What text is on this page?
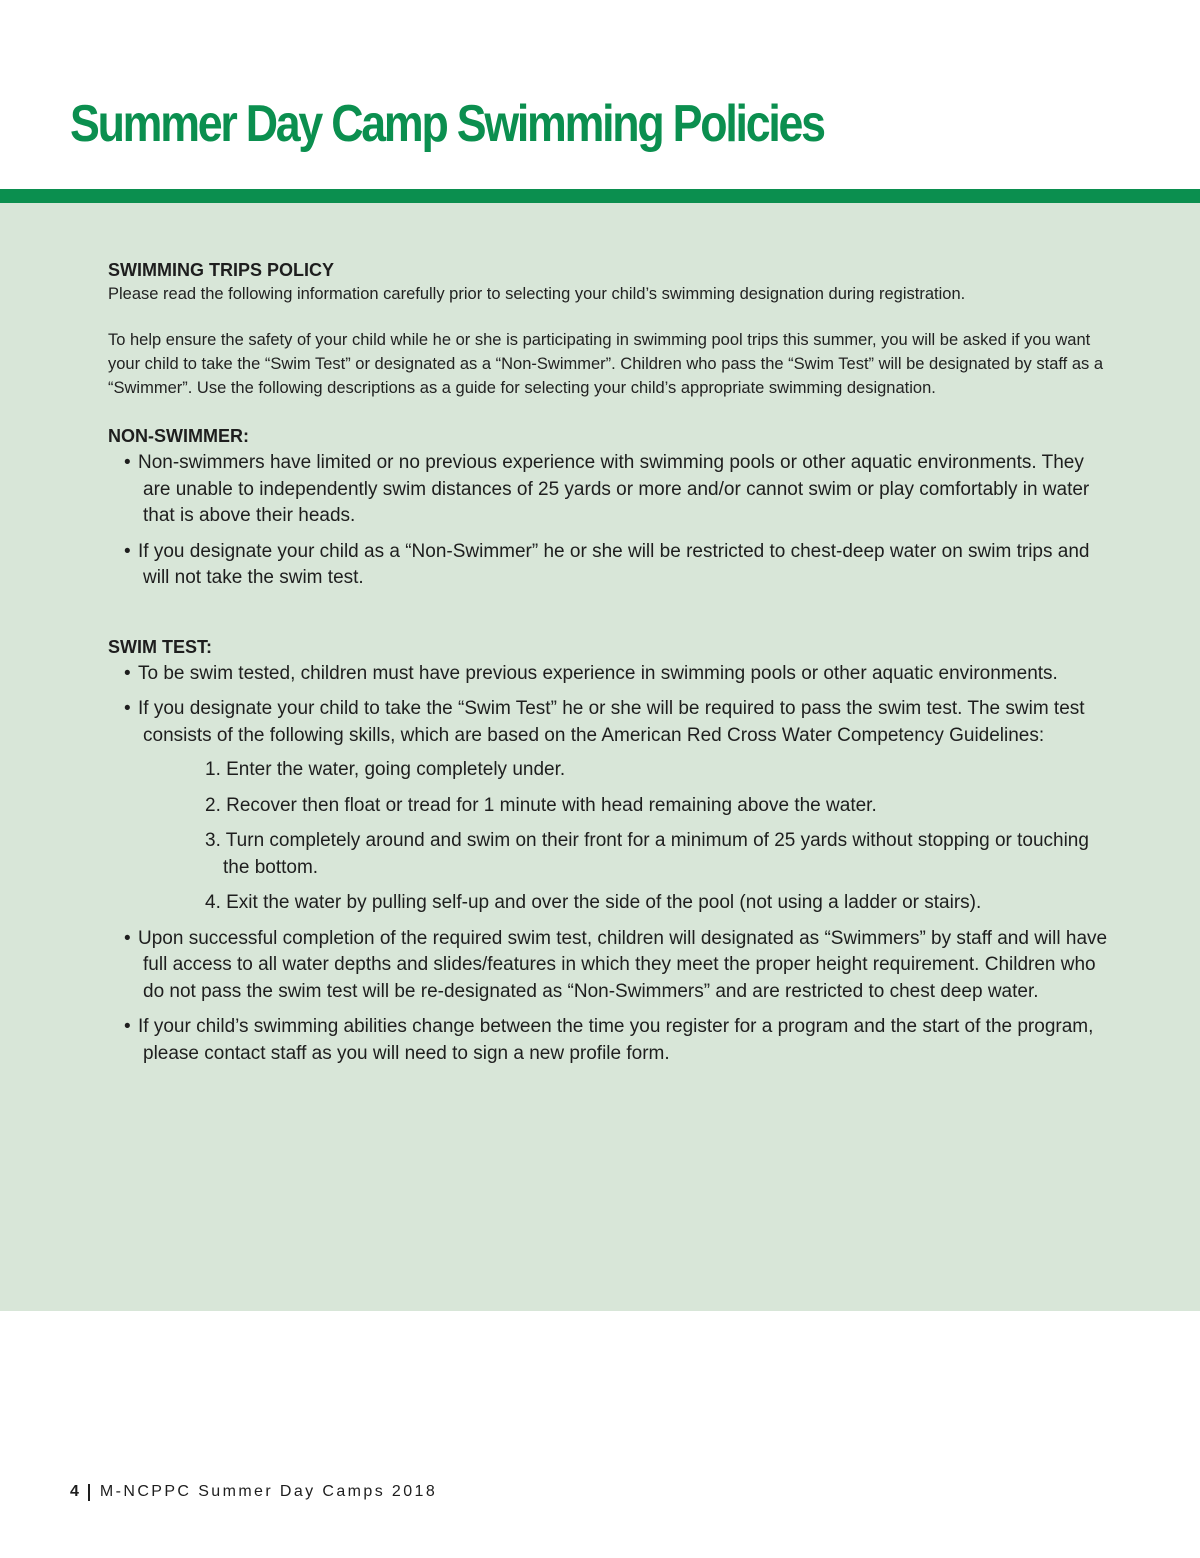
Summer Day Camp Swimming Policies
SWIMMING TRIPS POLICY

Please read the following information carefully prior to selecting your child’s swimming designation during registration.

To help ensure the safety of your child while he or she is participating in swimming pool trips this summer, you will be asked if you want your child to take the “Swim Test” or designated as a “Non-Swimmer”. Children who pass the “Swim Test” will be designated by staff as a “Swimmer”. Use the following descriptions as a guide for selecting your child’s appropriate swimming designation.

NON-SWIMMER:
• Non-swimmers have limited or no previous experience with swimming pools or other aquatic environments. They are unable to independently swim distances of 25 yards or more and/or cannot swim or play comfortably in water that is above their heads.
• If you designate your child as a “Non-Swimmer” he or she will be restricted to chest-deep water on swim trips and will not take the swim test.
SWIM TEST:
• To be swim tested, children must have previous experience in swimming pools or other aquatic environments.
• If you designate your child to take the “Swim Test” he or she will be required to pass the swim test. The swim test consists of the following skills, which are based on the American Red Cross Water Competency Guidelines:
1. Enter the water, going completely under.
2. Recover then float or tread for 1 minute with head remaining above the water.
3. Turn completely around and swim on their front for a minimum of 25 yards without stopping or touching the bottom.
4. Exit the water by pulling self-up and over the side of the pool (not using a ladder or stairs).
• Upon successful completion of the required swim test, children will designated as “Swimmers” by staff and will have full access to all water depths and slides/features in which they meet the proper height requirement. Children who do not pass the swim test will be re-designated as “Non-Swimmers” and are restricted to chest deep water.
• If your child’s swimming abilities change between the time you register for a program and the start of the program, please contact staff as you will need to sign a new profile form.
4 M-NCPPC Summer Day Camps 2018
